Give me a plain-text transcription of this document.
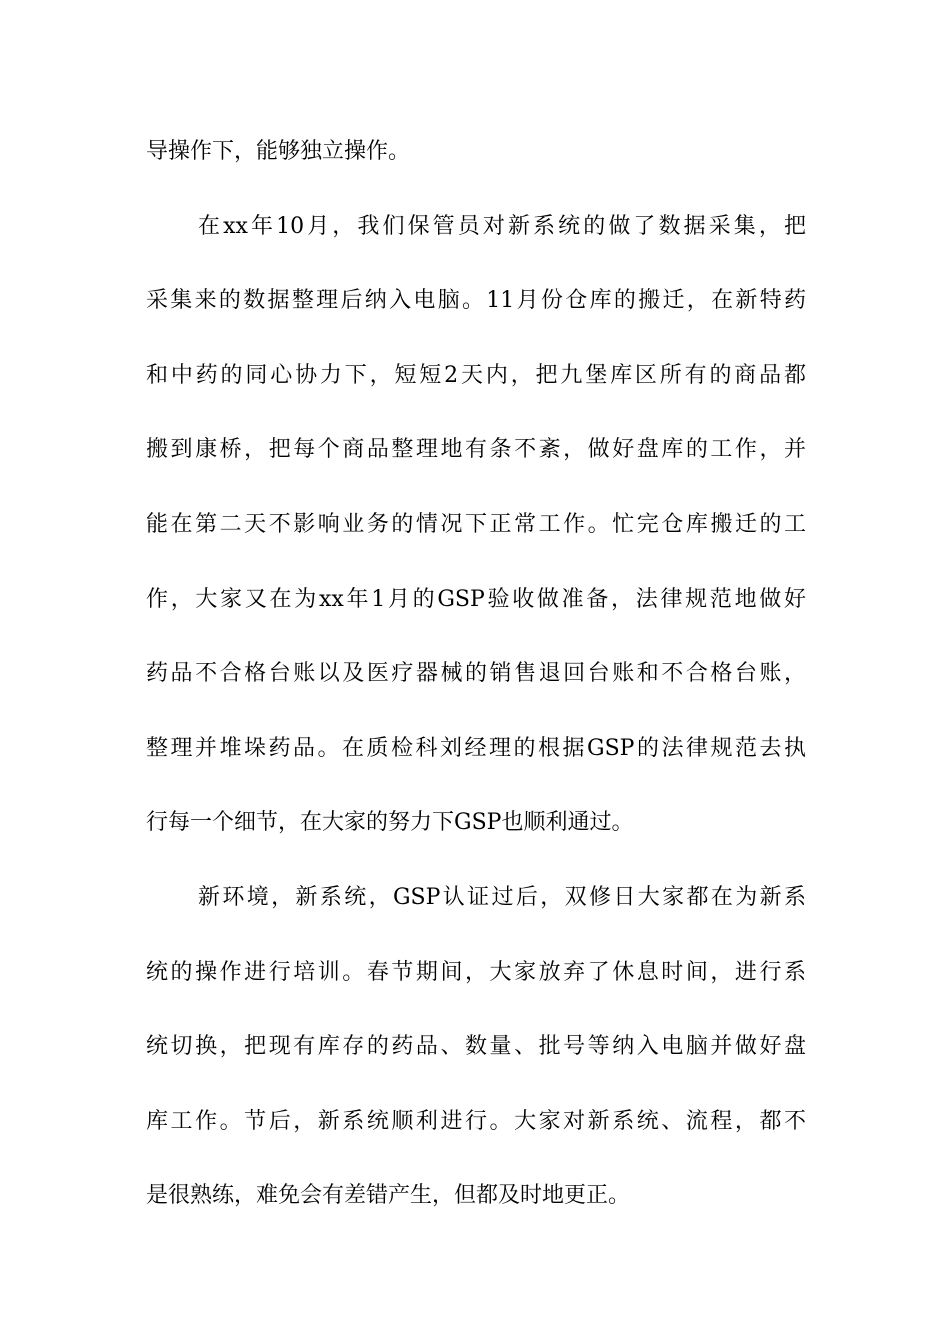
导操作下，能够独立操作。
在xx年10月，我们保管员对新系统的做了数据采集，把
采集来的数据整理后纳入电脑。11月份仓库的搬迁，在新特药
和中药的同心协力下，短短2天内，把九堡库区所有的商品都
搬到康桥，把每个商品整理地有条不紊，做好盘库的工作，并
能在第二天不影响业务的情况下正常工作。忙完仓库搬迁的工
作，大家又在为xx年1月的GSP验收做准备，法律规范地做好
药品不合格台账以及医疗器械的销售退回台账和不合格台账，
整理并堆垛药品。在质检科刘经理的根据GSP的法律规范去执
行每一个细节，在大家的努力下GSP也顺利通过。
新环境，新系统，GSP认证过后，双修日大家都在为新系
统的操作进行培训。春节期间，大家放弃了休息时间，进行系
统切换，把现有库存的药品、数量、批号等纳入电脑并做好盘
库工作。节后，新系统顺利进行。大家对新系统、流程，都不
是很熟练，难免会有差错产生，但都及时地更正。
